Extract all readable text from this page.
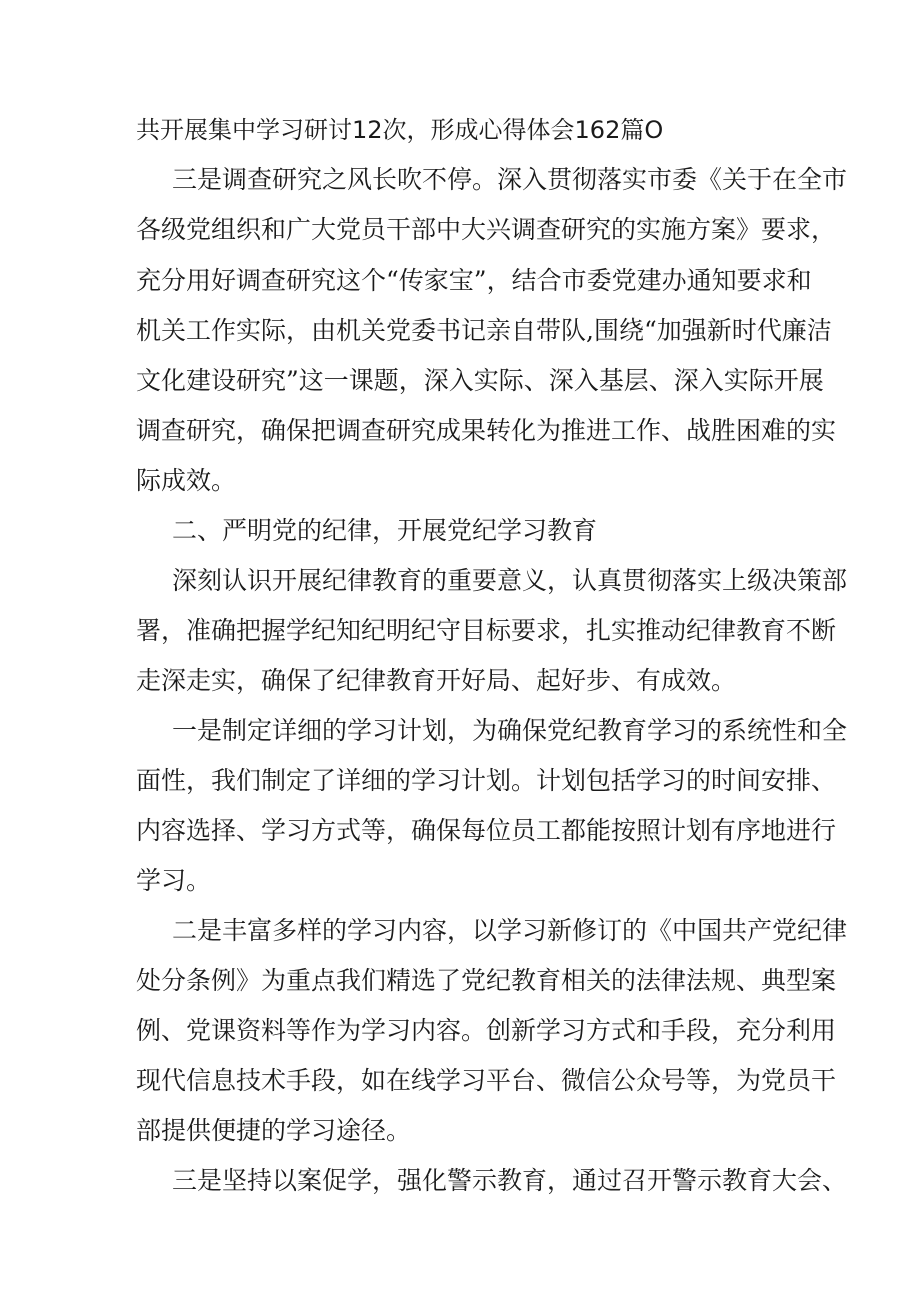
共开展集中学习研讨12次，形成心得体会162篇O
三是调查研究之风长吹不停。深入贯彻落实市委《关于在全市
各级党组织和广大党员干部中大兴调查研究的实施方案》要求，
充分用好调查研究这个“传家宝”，结合市委党建办通知要求和
机关工作实际，由机关党委书记亲自带队,围绕“加强新时代廉洁
文化建设研究”这一课题，深入实际、深入基层、深入实际开展
调查研究，确保把调查研究成果转化为推进工作、战胜困难的实
际成效。
二、严明党的纪律，开展党纪学习教育
深刻认识开展纪律教育的重要意义，认真贯彻落实上级决策部
署，准确把握学纪知纪明纪守目标要求，扎实推动纪律教育不断
走深走实，确保了纪律教育开好局、起好步、有成效。
一是制定详细的学习计划，为确保党纪教育学习的系统性和全
面性，我们制定了详细的学习计划。计划包括学习的时间安排、
内容选择、学习方式等，确保每位员工都能按照计划有序地进行
学习。
二是丰富多样的学习内容，以学习新修订的《中国共产党纪律
处分条例》为重点我们精选了党纪教育相关的法律法规、典型案
例、党课资料等作为学习内容。创新学习方式和手段，充分利用
现代信息技术手段，如在线学习平台、微信公众号等，为党员干
部提供便捷的学习途径。
三是坚持以案促学，强化警示教育，通过召开警示教育大会、
